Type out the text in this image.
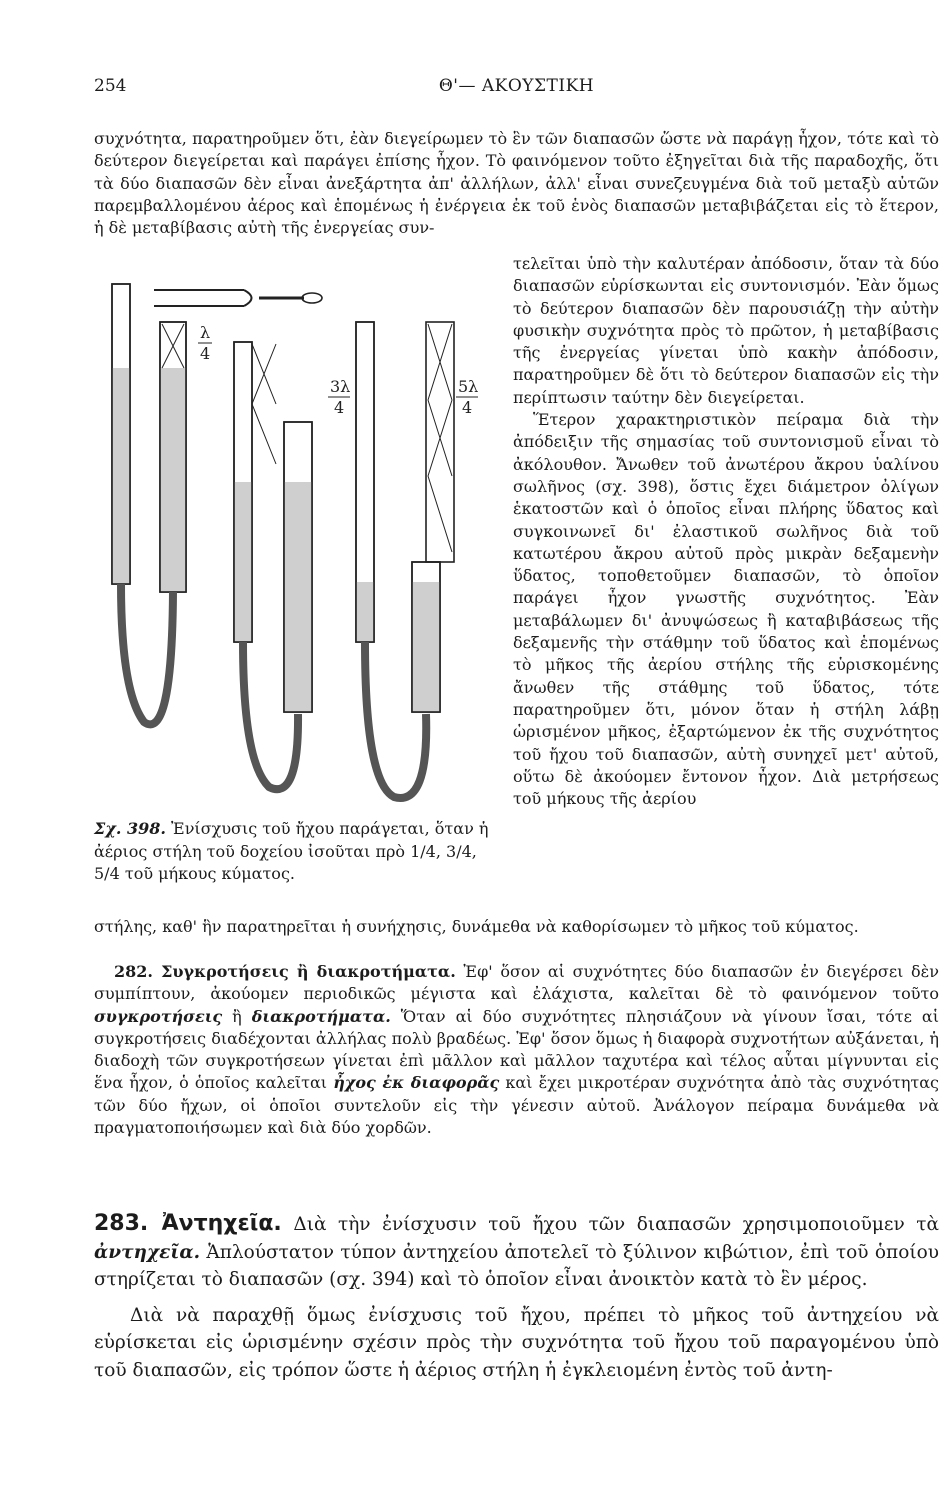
254	Θ'— ΑΚΟΥΣΤΙΚΗ

συχνότητα, παρατηροῦμεν ὅτι, ἐὰν διεγείρωμεν τὸ ἓν τῶν διαπασῶν ὥστε νὰ παράγῃ ἦχον, τότε καὶ τὸ δεύτερον διεγείρεται καὶ παράγει ἐπίσης ἦχον. Τὸ φαινόμενον τοῦτο ἐξηγεῖται διὰ τῆς παραδοχῆς, ὅτι τὰ δύο διαπασῶν δὲν εἶναι ἀνεξάρτητα ἀπ' ἀλλήλων, ἀλλ' εἶναι συνεζευγμένα διὰ τοῦ μεταξὺ αὐτῶν παρεμβαλλομένου ἀέρος καὶ ἑπομένως ἡ ἐνέργεια ἐκ τοῦ ἑνὸς διαπασῶν μεταβιβάζεται εἰς τὸ ἕτερον, ἡ δὲ μεταβίβασις αὐτὴ τῆς ἐνεργείας συν-

λ
4
3λ
4
5λ
4

Σχ. 398. Ἐνίσχυσις τοῦ ἤχου παράγεται, ὅταν ἡ ἀέριος στήλη τοῦ δοχείου ἰσοῦται πρὸ 1/4, 3/4, 5/4 τοῦ μήκους κύματος.

τελεῖται ὑπὸ τὴν καλυτέραν ἀπόδοσιν, ὅταν τὰ δύο διαπασῶν εὑρίσκωνται εἰς συντονισμόν. Ἐὰν ὅμως τὸ δεύτερον διαπασῶν δὲν παρουσιάζῃ τὴν αὐτὴν φυσικὴν συχνότητα πρὸς τὸ πρῶτον, ἡ μεταβίβασις τῆς ἐνεργείας γίνεται ὑπὸ κακὴν ἀπόδοσιν, παρατηροῦμεν δὲ ὅτι τὸ δεύτερον διαπασῶν εἰς τὴν περίπτωσιν ταύτην δὲν διεγείρεται.

Ἕτερον χαρακτηριστικὸν πείραμα διὰ τὴν ἀπόδειξιν τῆς σημασίας τοῦ συντονισμοῦ εἶναι τὸ ἀκόλουθον. Ἄνωθεν τοῦ ἀνωτέρου ἄκρου ὑαλίνου σωλῆνος (σχ. 398), ὅστις ἔχει διάμετρον ὀλίγων ἑκατοστῶν καὶ ὁ ὁποῖος εἶναι πλήρης ὕδατος καὶ συγκοινωνεῖ δι' ἐλαστικοῦ σωλῆνος διὰ τοῦ κατωτέρου ἄκρου αὐτοῦ πρὸς μικρὰν δεξαμενὴν ὕδατος, τοποθετοῦμεν διαπασῶν, τὸ ὁποῖον παράγει ἦχον γνωστῆς συχνότητος. Ἐὰν μεταβάλωμεν δι' ἀνυψώσεως ἢ καταβιβάσεως τῆς δεξαμενῆς τὴν στάθμην τοῦ ὕδατος καὶ ἑπομένως τὸ μῆκος τῆς ἀερίου στήλης τῆς εὑρισκομένης ἄνωθεν τῆς στάθμης τοῦ ὕδατος, τότε παρατηροῦμεν ὅτι, μόνον ὅταν ἡ στήλη λάβῃ ὡρισμένον μῆκος, ἐξαρτώμενον ἐκ τῆς συχνότητος τοῦ ἤχου τοῦ διαπασῶν, αὐτὴ συνηχεῖ μετ' αὐτοῦ, οὕτω δὲ ἀκούομεν ἔντονον ἦχον. Διὰ μετρήσεως τοῦ μήκους τῆς ἀερίου

στήλης, καθ' ἣν παρατηρεῖται ἡ συνήχησις, δυνάμεθα νὰ καθορίσωμεν τὸ μῆκος τοῦ κύματος.

282. Συγκροτήσεις ἢ διακροτήματα. Ἐφ' ὅσον αἱ συχνότητες δύο διαπασῶν ἐν διεγέρσει δὲν συμπίπτουν, ἀκούομεν περιοδικῶς μέγιστα καὶ ἐλάχιστα, καλεῖται δὲ τὸ φαινόμενον τοῦτο συγκροτήσεις ἢ διακροτήματα. Ὅταν αἱ δύο συχνότητες πλησιάζουν νὰ γίνουν ἴσαι, τότε αἱ συγκροτήσεις διαδέχονται ἀλλήλας πολὺ βραδέως. Ἐφ' ὅσον ὅμως ἡ διαφορὰ συχνοτήτων αὐξάνεται, ἡ διαδοχὴ τῶν συγκροτήσεων γίνεται ἐπὶ μᾶλλον καὶ μᾶλλον ταχυτέρα καὶ τέλος αὗται μίγνυνται εἰς ἕνα ἦχον, ὁ ὁποῖος καλεῖται ἦχος ἐκ διαφορᾶς καὶ ἔχει μικροτέραν συχνότητα ἀπὸ τὰς συχνότητας τῶν δύο ἤχων, οἱ ὁποῖοι συντελοῦν εἰς τὴν γένεσιν αὐτοῦ. Ἀνάλογον πείραμα δυνάμεθα νὰ πραγματοποιήσωμεν καὶ διὰ δύο χορδῶν.

283. Ἀντηχεῖα. Διὰ τὴν ἐνίσχυσιν τοῦ ἤχου τῶν διαπασῶν χρησιμοποιοῦμεν τὰ ἀντηχεῖα. Ἁπλούστατον τύπον ἀντηχείου ἀποτελεῖ τὸ ξύλινον κιβώτιον, ἐπὶ τοῦ ὁποίου στηρίζεται τὸ διαπασῶν (σχ. 394) καὶ τὸ ὁποῖον εἶναι ἀνοικτὸν κατὰ τὸ ἓν μέρος.

Διὰ νὰ παραχθῇ ὅμως ἐνίσχυσις τοῦ ἤχου, πρέπει τὸ μῆκος τοῦ ἀντηχείου νὰ εὑρίσκεται εἰς ὡρισμένην σχέσιν πρὸς τὴν συχνότητα τοῦ ἤχου τοῦ παραγομένου ὑπὸ τοῦ διαπασῶν, εἰς τρόπον ὥστε ἡ ἀέριος στήλη ἡ ἐγκλειομένη ἐντὸς τοῦ ἀντη-
